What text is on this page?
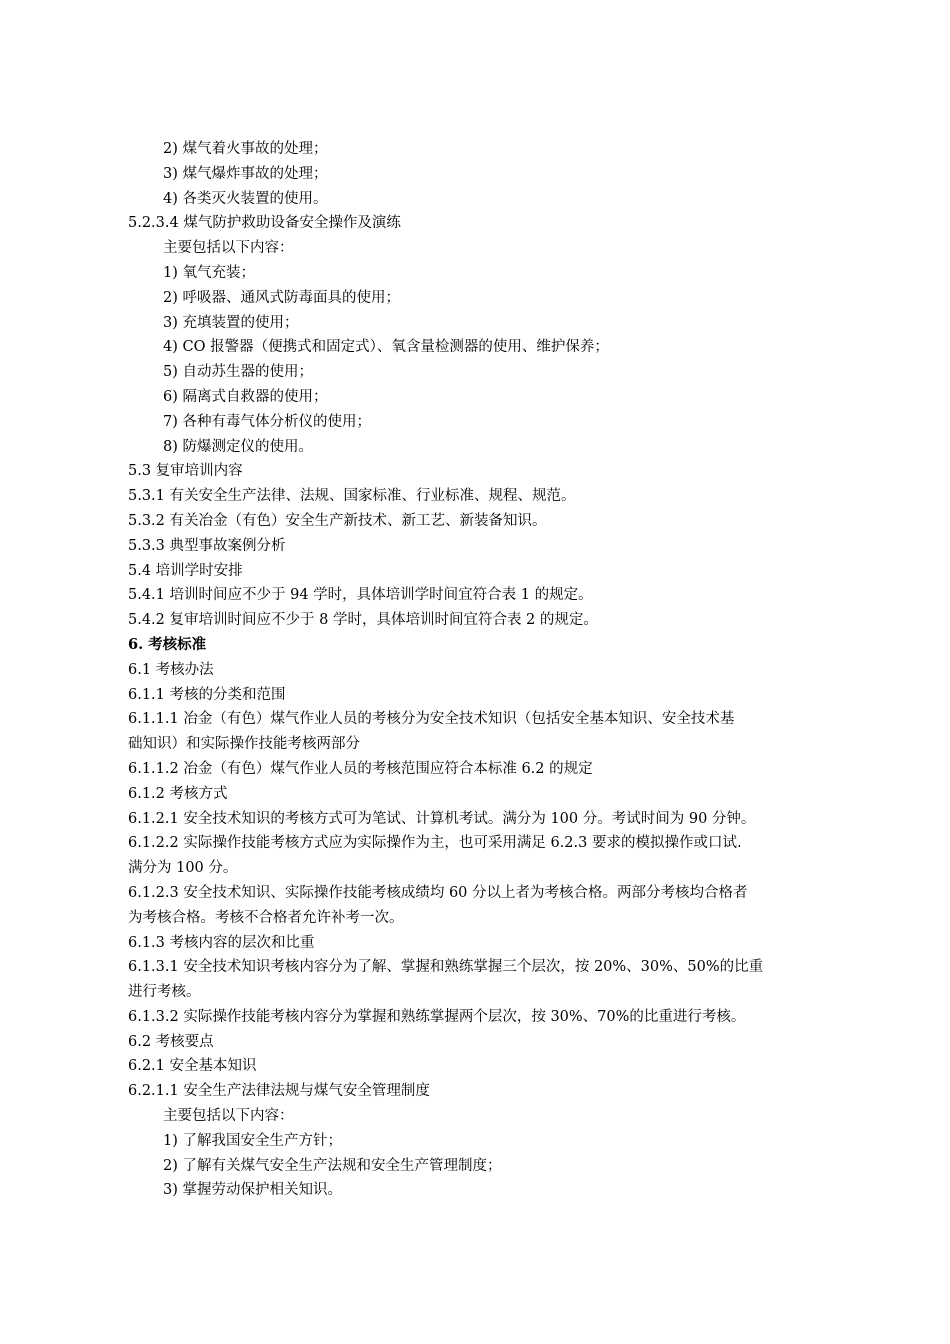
2) 煤气着火事故的处理；
3) 煤气爆炸事故的处理；
4) 各类灭火装置的使用。
5.2.3.4 煤气防护救助设备安全操作及演练
主要包括以下内容：
1) 氧气充装；
2) 呼吸器、通风式防毒面具的使用；
3) 充填装置的使用；
4) CO 报警器（便携式和固定式）、氧含量检测器的使用、维护保养；
5) 自动苏生器的使用；
6) 隔离式自救器的使用；
7) 各种有毒气体分析仪的使用；
8) 防爆测定仪的使用。
5.3 复审培训内容
5.3.1 有关安全生产法律、法规、国家标准、行业标准、规程、规范。
5.3.2 有关冶金（有色）安全生产新技术、新工艺、新装备知识。
5.3.3 典型事故案例分析
5.4 培训学时安排
5.4.1 培训时间应不少于 94 学时，具体培训学时间宜符合表 1 的规定。
5.4.2 复审培训时间应不少于 8 学时，具体培训时间宜符合表 2 的规定。
6. 考核标准
6.1 考核办法
6.1.1 考核的分类和范围
6.1.1.1 冶金（有色）煤气作业人员的考核分为安全技术知识（包括安全基本知识、安全技术基
础知识）和实际操作技能考核两部分
6.1.1.2 冶金（有色）煤气作业人员的考核范围应符合本标准 6.2 的规定
6.1.2 考核方式
6.1.2.1 安全技术知识的考核方式可为笔试、计算机考试。满分为 100 分。考试时间为 90 分钟。
6.1.2.2 实际操作技能考核方式应为实际操作为主，也可采用满足 6.2.3 要求的模拟操作或口试.
满分为 100 分。
6.1.2.3 安全技术知识、实际操作技能考核成绩均 60 分以上者为考核合格。两部分考核均合格者
为考核合格。考核不合格者允许补考一次。
6.1.3 考核内容的层次和比重
6.1.3.1 安全技术知识考核内容分为了解、掌握和熟练掌握三个层次，按 20%、30%、50%的比重
进行考核。
6.1.3.2 实际操作技能考核内容分为掌握和熟练掌握两个层次，按 30%、70%的比重进行考核。
6.2 考核要点
6.2.1 安全基本知识
6.2.1.1 安全生产法律法规与煤气安全管理制度
主要包括以下内容：
1) 了解我国安全生产方针；
2) 了解有关煤气安全生产法规和安全生产管理制度；
3) 掌握劳动保护相关知识。
